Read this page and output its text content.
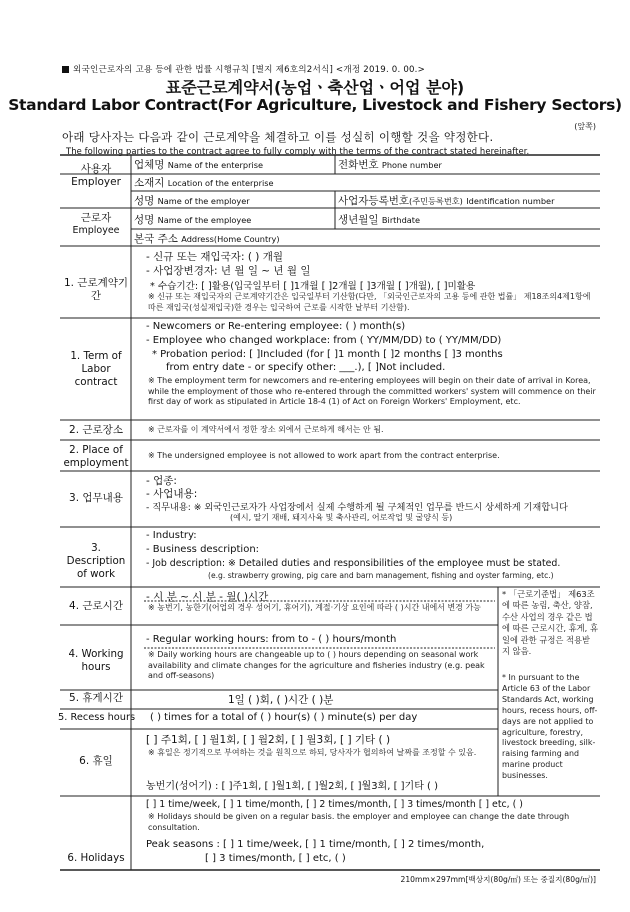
외국인근로자의 고용 등에 관한 법률 시행규칙 [별지 제6호의2서식] <개정 2019. 0. 00.>
표준근로계약서(농업ㆍ축산업ㆍ어업 분야)
Standard Labor Contract(For Agriculture, Livestock and Fishery Sectors)
(앞쪽)
아래 당사자는 다음과 같이 근로계약을 체결하고 이를 성실히 이행할 것을 약정한다.
The following parties to the contract agree to fully comply with the terms of the contract stated hereinafter.
사용자
Employer
업체명 Name of the enterprise	전화번호 Phone number
소재지 Location of the enterprise
성명 Name of the employer	사업자등록번호(주민등록번호) Identification number
근로자
Employee
성명 Name of the employee	생년월일 Birthdate
본국 주소 Address(Home Country)
1. 근로계약기간
- 신규 또는 재입국자: ( ) 개월
- 사업장변경자: 년 월 일 ~ 년 월 일
* 수습기간: [ ]활용(입국일부터 [ ]1개월 [ ]2개월 [ ]3개월 [ ]개월), [ ]미활용
※ 신규 또는 재입국자의 근로계약기간은 입국일부터 기산함(다만, 「외국인근로자의 고용 등에 관한 법률」 제18조의4제1항에 따른 재입국(성실재입국)한 경우는 입국하여 근로를 시작한 날부터 기산함).
1. Term of Labor contract
- Newcomers or Re-entering employee: ( ) month(s)
- Employee who changed workplace: from ( YY/MM/DD) to ( YY/MM/DD)
* Probation period: [ ]Included (for [ ]1 month [ ]2 months [ ]3 months
from entry date - or specify other: ___.), [ ]Not included.
※ The employment term for newcomers and re-entering employees will begin on their date of arrival in Korea, while the employment of those who re-entered through the committed workers' system will commence on their first day of work as stipulated in Article 18-4 (1) of Act on Foreign Workers' Employment, etc.
2. 근로장소	※ 근로자를 이 계약서에서 정한 장소 외에서 근로하게 해서는 안 됨.
2. Place of employment
※ The undersigned employee is not allowed to work apart from the contract enterprise.
3. 업무내용
- 업종:
- 사업내용:
- 직무내용: ※ 외국인근로자가 사업장에서 실제 수행하게 될 구체적인 업무를 반드시 상세하게 기재합니다
(예시, 딸기 재배, 돼지사육 및 축사관리, 어로작업 및 굴양식 등)
3. Description of work
- Industry:
- Business description:
- Job description: ※ Detailed duties and responsibilities of the employee must be stated.
(e.g. strawberry growing, pig care and barn management, fishing and oyster farming, etc.)
4. 근로시간
- 시 분 ~ 시 분 - 월( )시간
※ 농번기, 농한기(어업의 경우 성어기, 휴어기), 계절·기상 요인에 따라 ( )시간 내에서 변경 가능
4. Working hours
- Regular working hours: from to - ( ) hours/month
※ Daily working hours are changeable up to ( ) hours depending on seasonal work availability and climate changes for the agriculture and fisheries industry (e.g. peak and off-seasons)
5. 휴게시간	1일 ( )회, ( )시간 ( )분
5. Recess hours	( ) times for a total of ( ) hour(s) ( ) minute(s) per day
6. 휴일
[ ] 주1회, [ ] 월1회, [ ] 월2회, [ ] 월3회, [ ] 기타 ( )
※ 휴일은 정기적으로 부여하는 것을 원칙으로 하되, 당사자가 협의하여 날짜를 조정할 수 있음.
농번기(성어기) : [ ]주1회, [ ]월1회, [ ]월2회, [ ]월3회, [ ]기타 ( )
6. Holidays
[ ] 1 time/week, [ ] 1 time/month, [ ] 2 times/month, [ ] 3 times/month [ ] etc, ( )
※ Holidays should be given on a regular basis. the employer and employee can change the date through consultation.
Peak seasons : [ ] 1 time/week, [ ] 1 time/month, [ ] 2 times/month,
[ ] 3 times/month, [ ] etc, ( )
* 「근로기준법」 제63조에 따른 농림, 축산, 양잠, 수산 사업의 경우 같은 법에 따른 근로시간, 휴게, 휴일에 관한 규정은 적용받지 않음.
* In pursuant to the Article 63 of the Labor Standards Act, working hours, recess hours, off-days are not applied to agriculture, forestry, livestock breeding, silk-raising farming and marine product businesses.
210mm×297mm[백상지(80g/㎡) 또는 중질지(80g/㎡)]
